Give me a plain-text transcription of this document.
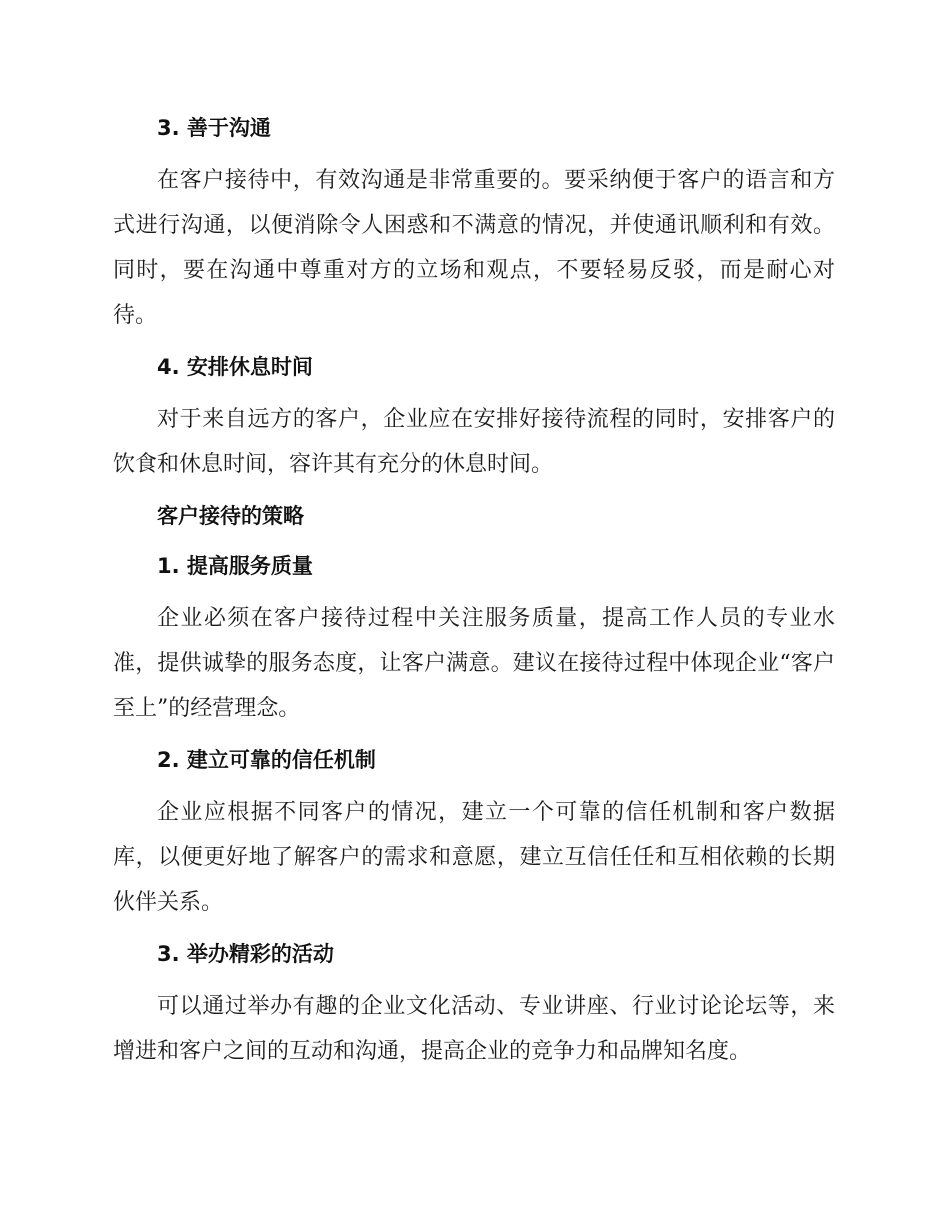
3. 善于沟通

在客户接待中，有效沟通是非常重要的。要采纳便于客户的语言和方式进行沟通，以便消除令人困惑和不满意的情况，并使通讯顺利和有效。同时，要在沟通中尊重对方的立场和观点，不要轻易反驳，而是耐心对待。

4. 安排休息时间

对于来自远方的客户，企业应在安排好接待流程的同时，安排客户的饮食和休息时间，容许其有充分的休息时间。

客户接待的策略
1. 提高服务质量

企业必须在客户接待过程中关注服务质量，提高工作人员的专业水准，提供诚挚的服务态度，让客户满意。建议在接待过程中体现企业“客户至上”的经营理念。

2. 建立可靠的信任机制

企业应根据不同客户的情况，建立一个可靠的信任机制和客户数据库，以便更好地了解客户的需求和意愿，建立互信任任和互相依赖的长期伙伴关系。

3. 举办精彩的活动

可以通过举办有趣的企业文化活动、专业讲座、行业讨论论坛等，来增进和客户之间的互动和沟通，提高企业的竞争力和品牌知名度。
